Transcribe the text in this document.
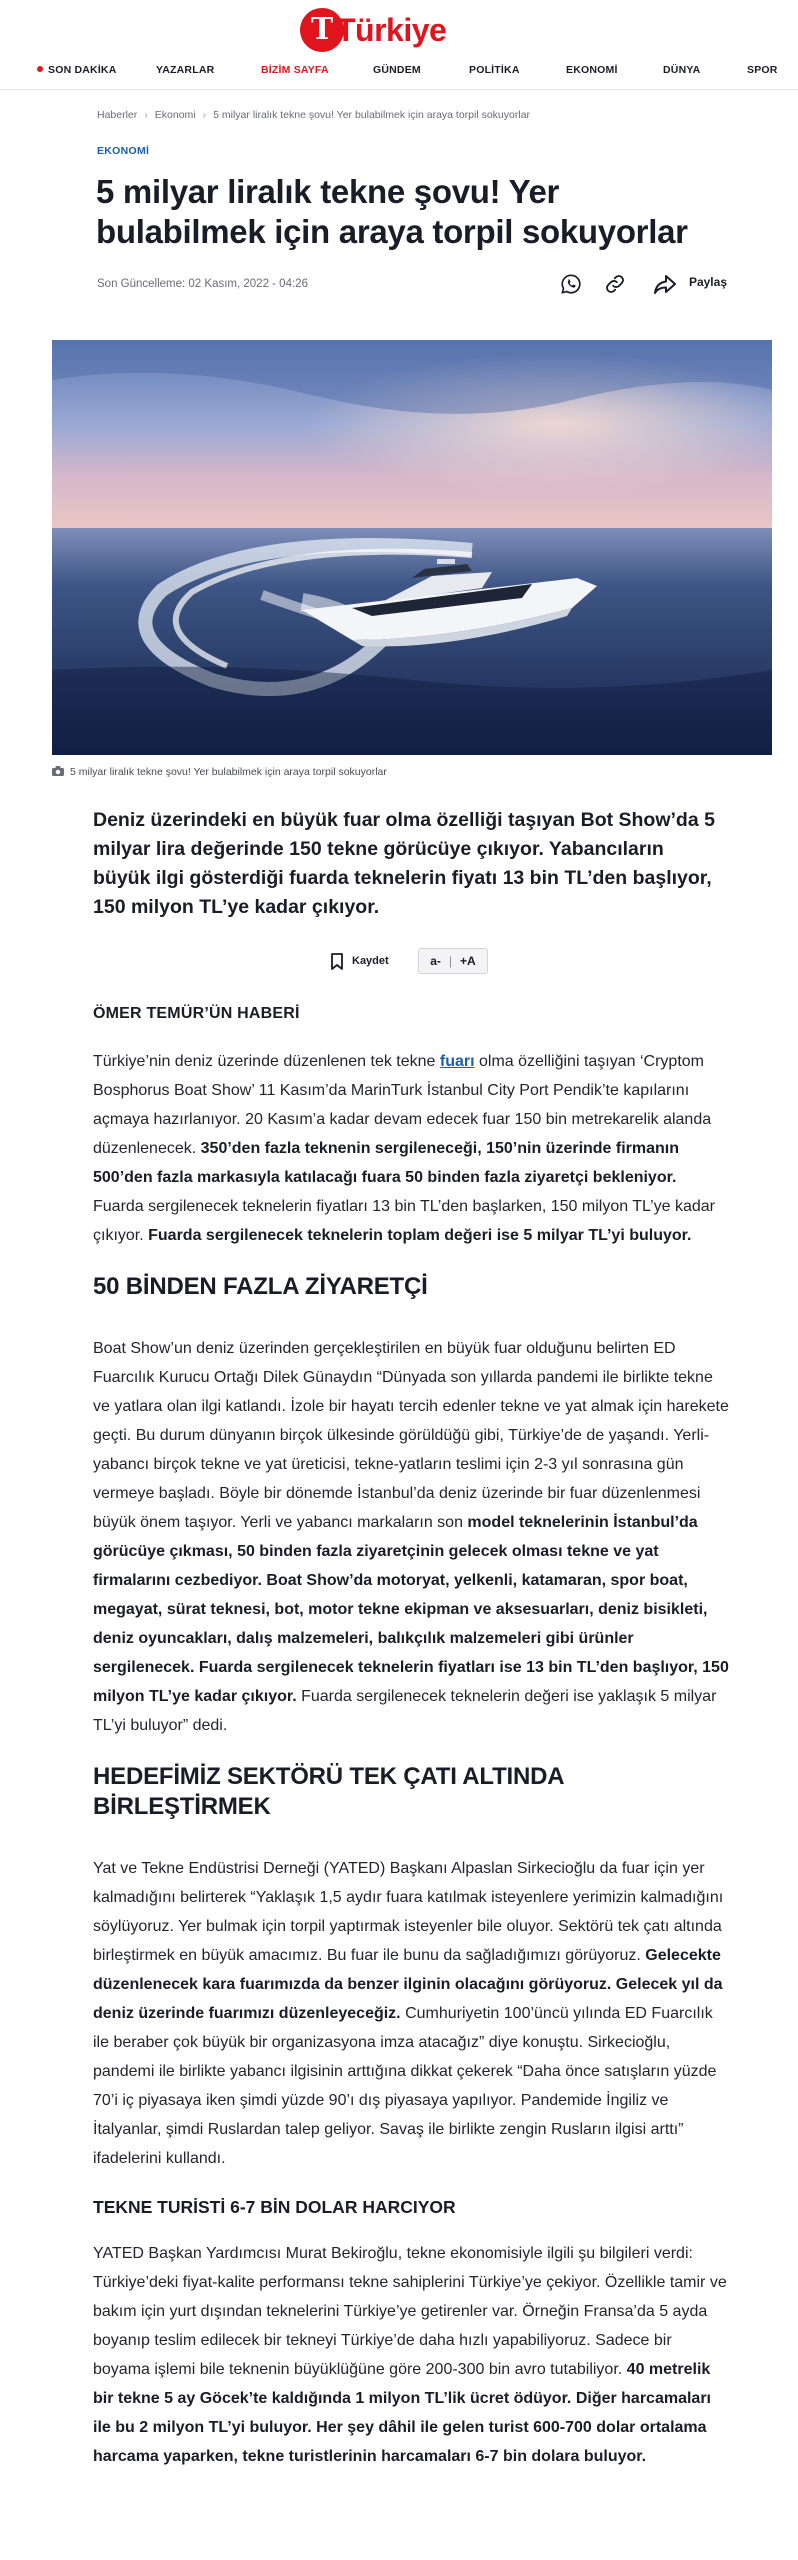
T Türkiye
SON DAKİKA	YAZARLAR	BİZİM SAYFA	GÜNDEM	POLİTİKA	EKONOMİ	DÜNYA	SPOR
Haberler › Ekonomi › 5 milyar liralık tekne şovu! Yer bulabilmek için araya torpil sokuyorlar
EKONOMİ
5 milyar liralık tekne şovu! Yer bulabilmek için araya torpil sokuyorlar
Son Güncelleme: 02 Kasım, 2022 - 04:26	Paylaş
5 milyar liralık tekne şovu! Yer bulabilmek için araya torpil sokuyorlar
Deniz üzerindeki en büyük fuar olma özelliği taşıyan Bot Show’da 5 milyar lira değerinde 150 tekne görücüye çıkıyor. Yabancıların büyük ilgi gösterdiği fuarda teknelerin fiyatı 13 bin TL’den başlıyor, 150 milyon TL’ye kadar çıkıyor.
Kaydet	a- | +A
ÖMER TEMÜR’ÜN HABERİ

Türkiye’nin deniz üzerinde düzenlenen tek tekne fuarı olma özelliğini taşıyan ‘Cryptom Bosphorus Boat Show’ 11 Kasım’da MarinTurk İstanbul City Port Pendik’te kapılarını açmaya hazırlanıyor. 20 Kasım’a kadar devam edecek fuar 150 bin metrekarelik alanda düzenlenecek. 350’den fazla teknenin sergileneceği, 150’nin üzerinde firmanın 500’den fazla markasıyla katılacağı fuara 50 binden fazla ziyaretçi bekleniyor. Fuarda sergilenecek teknelerin fiyatları 13 bin TL’den başlarken, 150 milyon TL’ye kadar çıkıyor. Fuarda sergilenecek teknelerin toplam değeri ise 5 milyar TL’yi buluyor.

50 BİNDEN FAZLA ZİYARETÇİ

Boat Show’un deniz üzerinden gerçekleştirilen en büyük fuar olduğunu belirten ED Fuarcılık Kurucu Ortağı Dilek Günaydın “Dünyada son yıllarda pandemi ile birlikte tekne ve yatlara olan ilgi katlandı. İzole bir hayatı tercih edenler tekne ve yat almak için harekete geçti. Bu durum dünyanın birçok ülkesinde görüldüğü gibi, Türkiye’de de yaşandı. Yerli-yabancı birçok tekne ve yat üreticisi, tekne-yatların teslimi için 2-3 yıl sonrasına gün vermeye başladı. Böyle bir dönemde İstanbul’da deniz üzerinde bir fuar düzenlenmesi büyük önem taşıyor. Yerli ve yabancı markaların son model teknelerinin İstanbul’da görücüye çıkması, 50 binden fazla ziyaretçinin gelecek olması tekne ve yat firmalarını cezbediyor. Boat Show’da motoryat, yelkenli, katamaran, spor boat, megayat, sürat teknesi, bot, motor tekne ekipman ve aksesuarları, deniz bisikleti, deniz oyuncakları, dalış malzemeleri, balıkçılık malzemeleri gibi ürünler sergilenecek. Fuarda sergilenecek teknelerin fiyatları ise 13 bin TL’den başlıyor, 150 milyon TL’ye kadar çıkıyor. Fuarda sergilenecek teknelerin değeri ise yaklaşık 5 milyar TL’yi buluyor” dedi.

HEDEFİMİZ SEKTÖRÜ TEK ÇATI ALTINDA BİRLEŞTİRMEK

Yat ve Tekne Endüstrisi Derneği (YATED) Başkanı Alpaslan Sirkecioğlu da fuar için yer kalmadığını belirterek “Yaklaşık 1,5 aydır fuara katılmak isteyenlere yerimizin kalmadığını söylüyoruz. Yer bulmak için torpil yaptırmak isteyenler bile oluyor. Sektörü tek çatı altında birleştirmek en büyük amacımız. Bu fuar ile bunu da sağladığımızı görüyoruz. Gelecekte düzenlenecek kara fuarımızda da benzer ilginin olacağını görüyoruz. Gelecek yıl da deniz üzerinde fuarımızı düzenleyeceğiz. Cumhuriyetin 100’üncü yılında ED Fuarcılık ile beraber çok büyük bir organizasyona imza atacağız” diye konuştu. Sirkecioğlu, pandemi ile birlikte yabancı ilgisinin arttığına dikkat çekerek “Daha önce satışların yüzde 70’i iç piyasaya iken şimdi yüzde 90’ı dış piyasaya yapılıyor. Pandemide İngiliz ve İtalyanlar, şimdi Ruslardan talep geliyor. Savaş ile birlikte zengin Rusların ilgisi arttı” ifadelerini kullandı.

TEKNE TURİSTİ 6-7 BİN DOLAR HARCIYOR

YATED Başkan Yardımcısı Murat Bekiroğlu, tekne ekonomisiyle ilgili şu bilgileri verdi: Türkiye’deki fiyat-kalite performansı tekne sahiplerini Türkiye’ye çekiyor. Özellikle tamir ve bakım için yurt dışından teknelerini Türkiye’ye getirenler var. Örneğin Fransa’da 5 ayda boyanıp teslim edilecek bir tekneyi Türkiye’de daha hızlı yapabiliyoruz. Sadece bir boyama işlemi bile teknenin büyüklüğüne göre 200-300 bin avro tutabiliyor. 40 metrelik bir tekne 5 ay Göcek’te kaldığında 1 milyon TL’lik ücret ödüyor. Diğer harcamaları ile bu 2 milyon TL’yi buluyor. Her şey dâhil ile gelen turist 600-700 dolar ortalama harcama yaparken, tekne turistlerinin harcamaları 6-7 bin dolara buluyor.
